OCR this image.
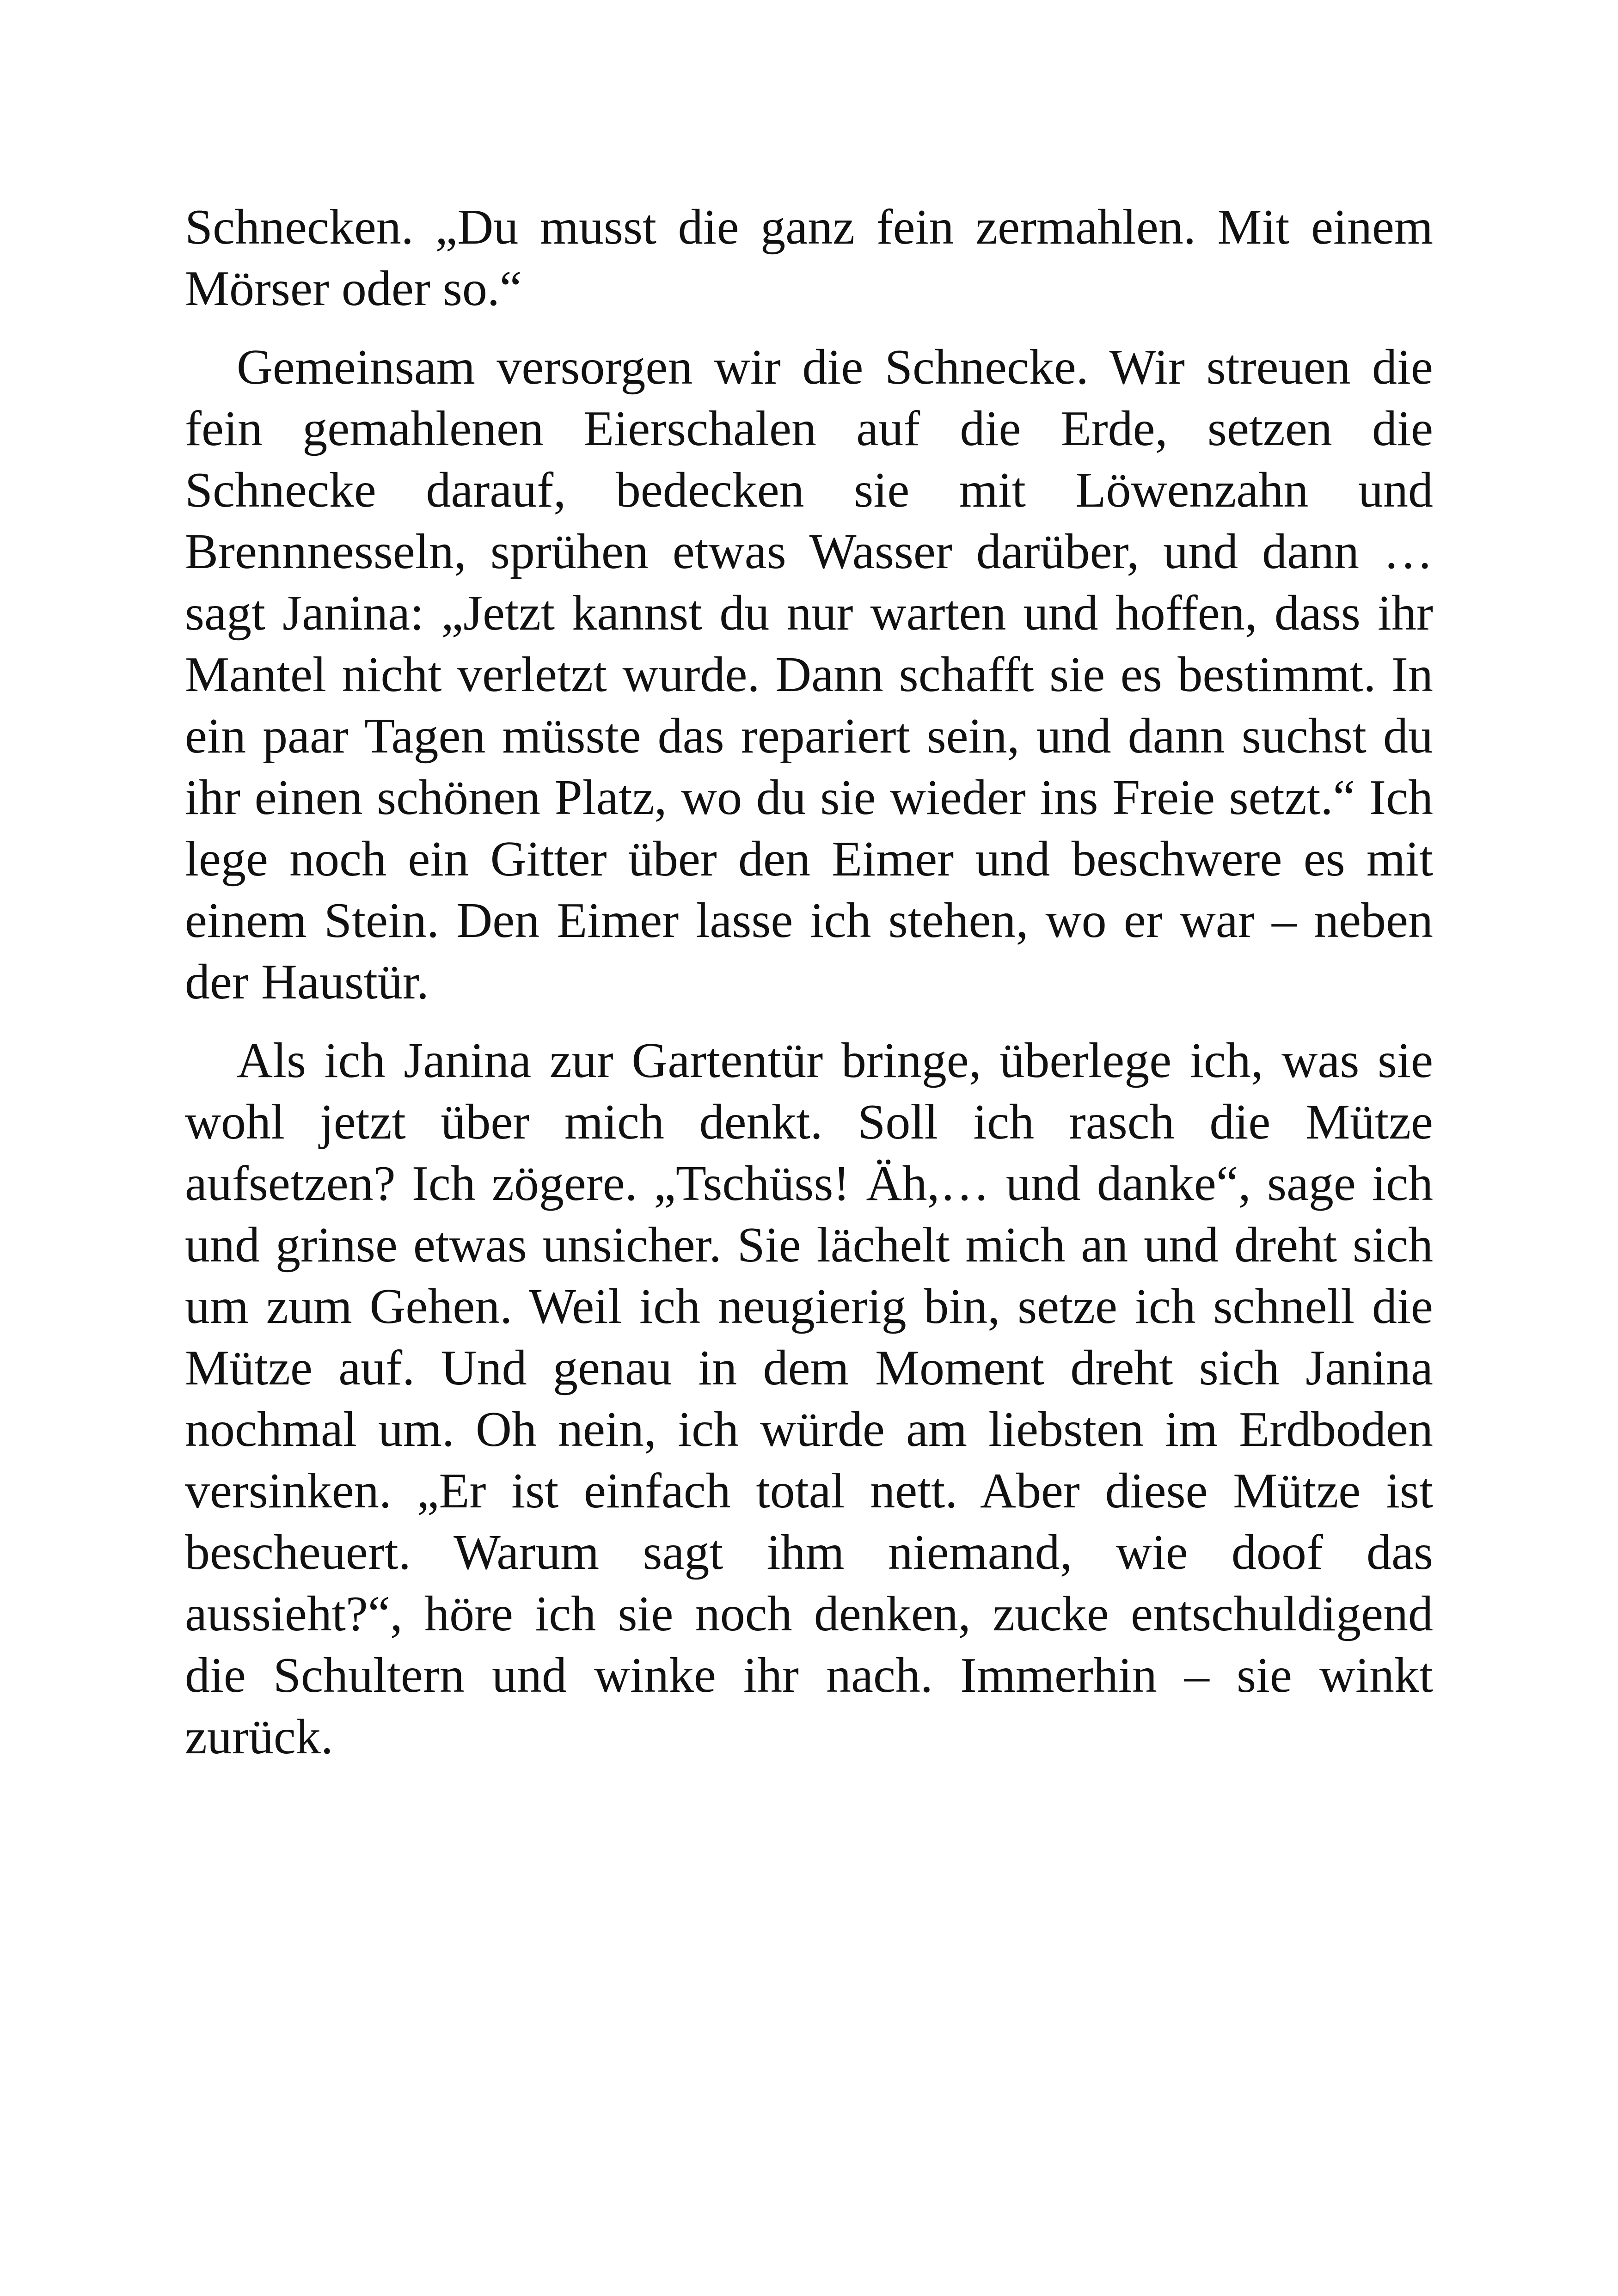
Schnecken. „Du musst die ganz fein zermahlen. Mit einem Mörser oder so.“

Gemeinsam versorgen wir die Schnecke. Wir streuen die fein gemahlenen Eierschalen auf die Erde, setzen die Schnecke darauf, bedecken sie mit Löwenzahn und Brennnesseln, sprühen etwas Wasser darüber, und dann … sagt Janina: „Jetzt kannst du nur warten und hoffen, dass ihr Mantel nicht verletzt wurde. Dann schafft sie es bestimmt. In ein paar Tagen müsste das repariert sein, und dann suchst du ihr einen schönen Platz, wo du sie wieder ins Freie setzt.“ Ich lege noch ein Gitter über den Eimer und beschwere es mit einem Stein. Den Eimer lasse ich stehen, wo er war – neben der Haustür.

Als ich Janina zur Gartentür bringe, überlege ich, was sie wohl jetzt über mich denkt. Soll ich rasch die Mütze aufsetzen? Ich zögere. „Tschüss! Äh,… und danke“, sage ich und grinse etwas unsicher. Sie lächelt mich an und dreht sich um zum Gehen. Weil ich neugierig bin, setze ich schnell die Mütze auf. Und genau in dem Moment dreht sich Janina nochmal um. Oh nein, ich würde am liebsten im Erdboden versinken. „Er ist einfach total nett. Aber diese Mütze ist bescheuert. Warum sagt ihm niemand, wie doof das aussieht?“, höre ich sie noch denken, zucke entschuldigend die Schultern und winke ihr nach. Immerhin – sie winkt zurück.
